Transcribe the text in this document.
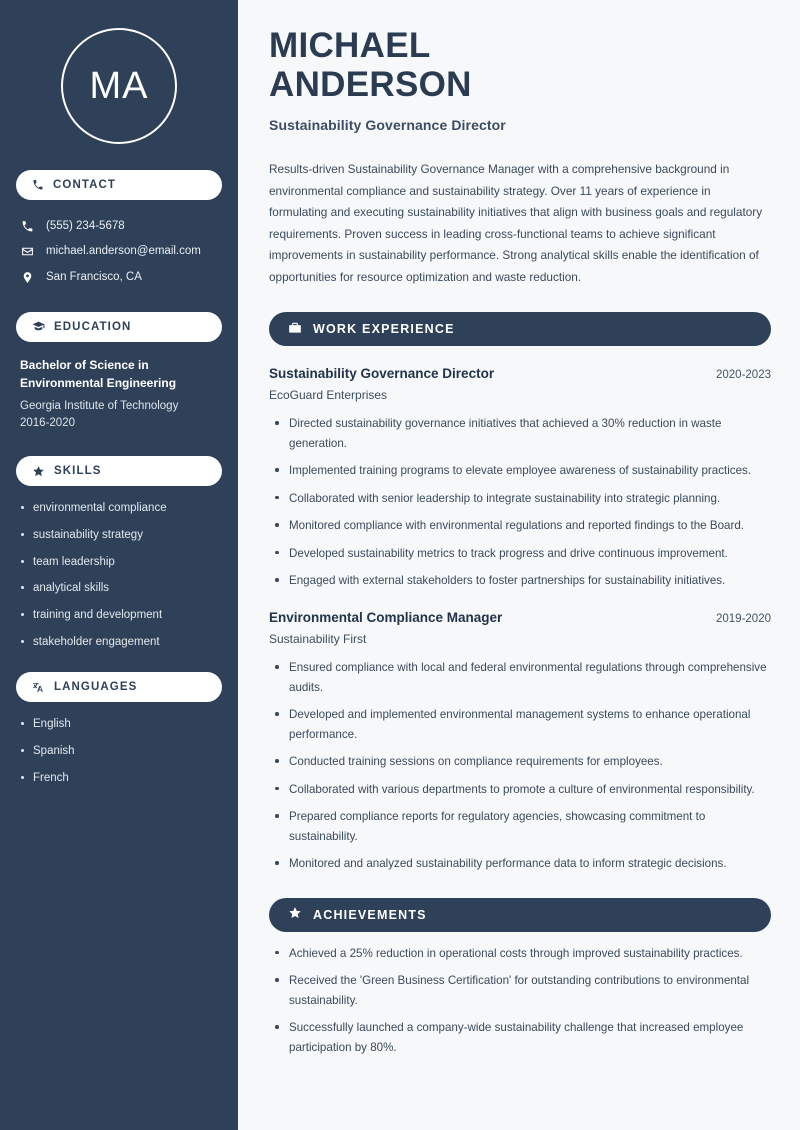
MA
CONTACT
(555) 234-5678
michael.anderson@email.com
San Francisco, CA
EDUCATION
Bachelor of Science in Environmental Engineering
Georgia Institute of Technology
2016-2020
SKILLS
environmental compliance
sustainability strategy
team leadership
analytical skills
training and development
stakeholder engagement
LANGUAGES
English
Spanish
French
MICHAEL
ANDERSON
Sustainability Governance Director

Results-driven Sustainability Governance Manager with a comprehensive background in environmental compliance and sustainability strategy. Over 11 years of experience in formulating and executing sustainability initiatives that align with business goals and regulatory requirements. Proven success in leading cross-functional teams to achieve significant improvements in sustainability performance. Strong analytical skills enable the identification of opportunities for resource optimization and waste reduction.

WORK EXPERIENCE
Sustainability Governance Director	2020-2023
EcoGuard Enterprises
Directed sustainability governance initiatives that achieved a 30% reduction in waste generation.
Implemented training programs to elevate employee awareness of sustainability practices.
Collaborated with senior leadership to integrate sustainability into strategic planning.
Monitored compliance with environmental regulations and reported findings to the Board.
Developed sustainability metrics to track progress and drive continuous improvement.
Engaged with external stakeholders to foster partnerships for sustainability initiatives.
Environmental Compliance Manager	2019-2020
Sustainability First
Ensured compliance with local and federal environmental regulations through comprehensive audits.
Developed and implemented environmental management systems to enhance operational performance.
Conducted training sessions on compliance requirements for employees.
Collaborated with various departments to promote a culture of environmental responsibility.
Prepared compliance reports for regulatory agencies, showcasing commitment to sustainability.
Monitored and analyzed sustainability performance data to inform strategic decisions.
ACHIEVEMENTS
Achieved a 25% reduction in operational costs through improved sustainability practices.
Received the 'Green Business Certification' for outstanding contributions to environmental sustainability.
Successfully launched a company-wide sustainability challenge that increased employee participation by 80%.
